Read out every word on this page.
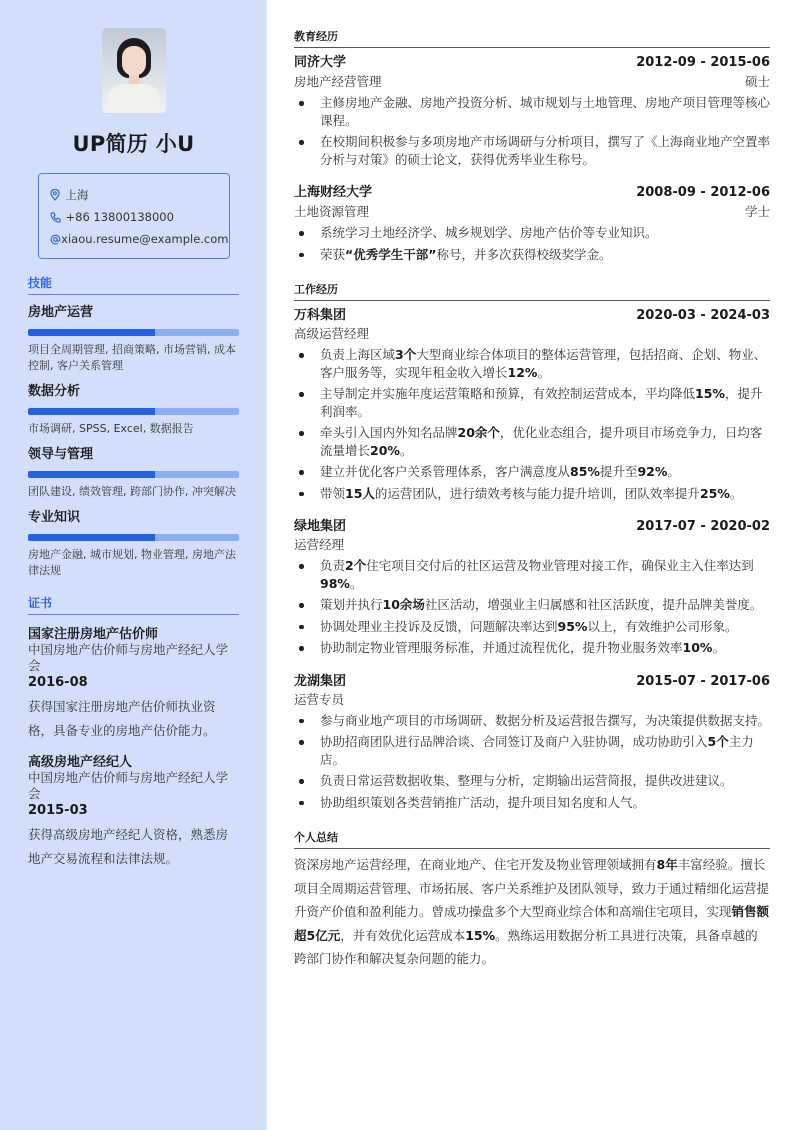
UP简历 小U
上海
+86 13800138000
xiaou.resume@example.com
技能
房地产运营
项目全周期管理, 招商策略, 市场营销, 成本控制, 客户关系管理
数据分析
市场调研, SPSS, Excel, 数据报告
领导与管理
团队建设, 绩效管理, 跨部门协作, 冲突解决
专业知识
房地产金融, 城市规划, 物业管理, 房地产法律法规
证书
国家注册房地产估价师
中国房地产估价师与房地产经纪人学会
2016-08
获得国家注册房地产估价师执业资格，具备专业的房地产估价能力。
高级房地产经纪人
中国房地产估价师与房地产经纪人学会
2015-03
获得高级房地产经纪人资格，熟悉房地产交易流程和法律法规。
教育经历
同济大学	2012-09 - 2015-06
房地产经营管理	硕士
主修房地产金融、房地产投资分析、城市规划与土地管理、房地产项目管理等核心课程。
在校期间积极参与多项房地产市场调研与分析项目，撰写了《上海商业地产空置率分析与对策》的硕士论文，获得优秀毕业生称号。
上海财经大学	2008-09 - 2012-06
土地资源管理	学士
系统学习土地经济学、城乡规划学、房地产估价等专业知识。
荣获“优秀学生干部”称号，并多次获得校级奖学金。
工作经历
万科集团	2020-03 - 2024-03
高级运营经理
负责上海区域3个大型商业综合体项目的整体运营管理，包括招商、企划、物业、客户服务等，实现年租金收入增长12%。
主导制定并实施年度运营策略和预算，有效控制运营成本，平均降低15%，提升利润率。
牵头引入国内外知名品牌20余个，优化业态组合，提升项目市场竞争力，日均客流量增长20%。
建立并优化客户关系管理体系，客户满意度从85%提升至92%。
带领15人的运营团队，进行绩效考核与能力提升培训，团队效率提升25%。
绿地集团	2017-07 - 2020-02
运营经理
负责2个住宅项目交付后的社区运营及物业管理对接工作，确保业主入住率达到98%。
策划并执行10余场社区活动，增强业主归属感和社区活跃度，提升品牌美誉度。
协调处理业主投诉及反馈，问题解决率达到95%以上，有效维护公司形象。
协助制定物业管理服务标准，并通过流程优化，提升物业服务效率10%。
龙湖集团	2015-07 - 2017-06
运营专员
参与商业地产项目的市场调研、数据分析及运营报告撰写，为决策提供数据支持。
协助招商团队进行品牌洽谈、合同签订及商户入驻协调，成功协助引入5个主力店。
负责日常运营数据收集、整理与分析，定期输出运营简报，提供改进建议。
协助组织策划各类营销推广活动，提升项目知名度和人气。
个人总结

资深房地产运营经理，在商业地产、住宅开发及物业管理领域拥有8年丰富经验。擅长项目全周期运营管理、市场拓展、客户关系维护及团队领导，致力于通过精细化运营提升资产价值和盈利能力。曾成功操盘多个大型商业综合体和高端住宅项目，实现销售额超5亿元，并有效优化运营成本15%。熟练运用数据分析工具进行决策，具备卓越的跨部门协作和解决复杂问题的能力。
